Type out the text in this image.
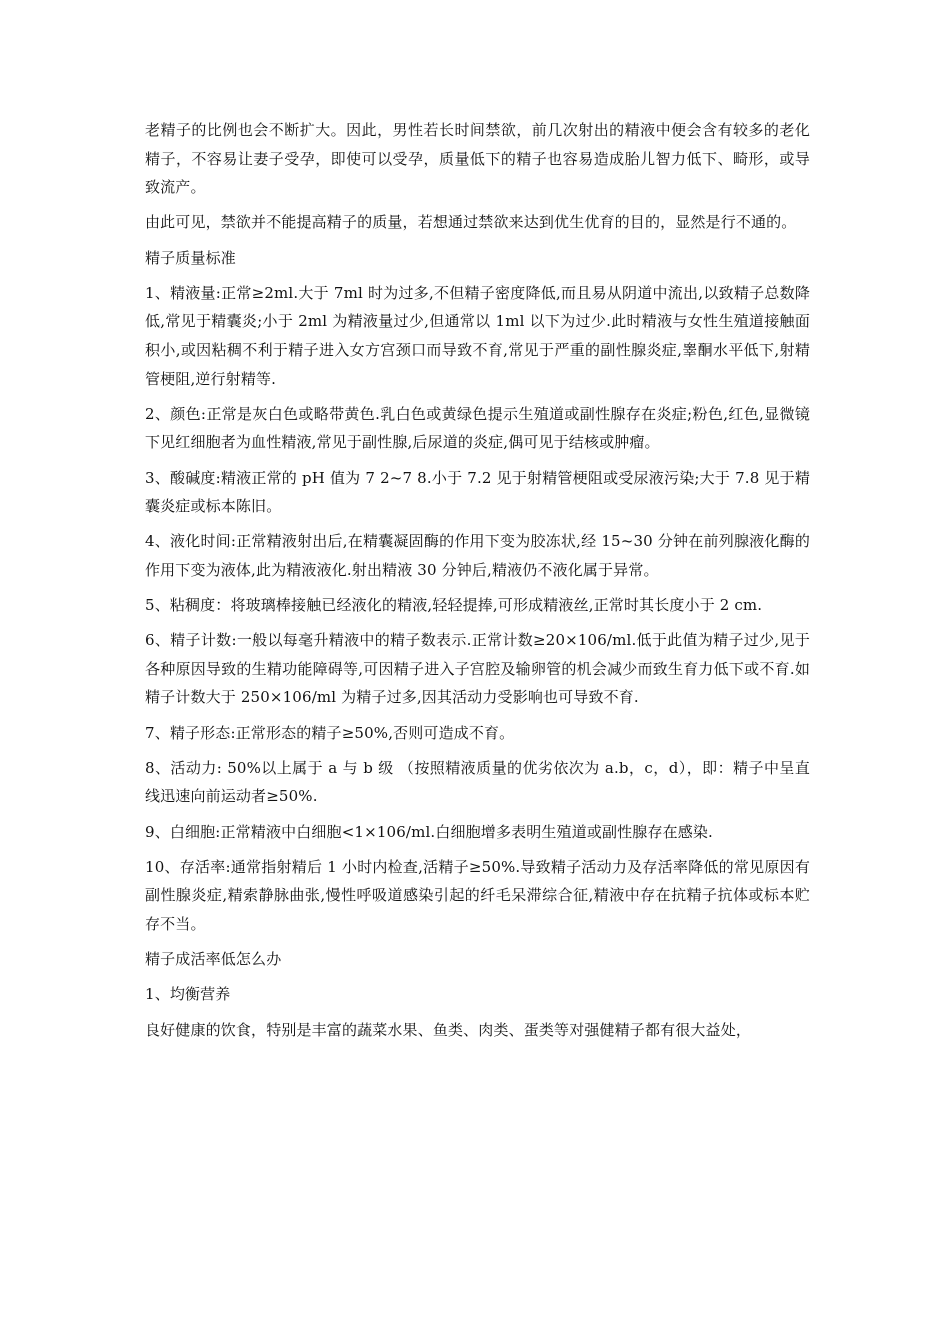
老精子的比例也会不断扩大。因此，男性若长时间禁欲，前几次射出的精液中便会含有较多的老化精子，不容易让妻子受孕，即使可以受孕，质量低下的精子也容易造成胎儿智力低下、畸形，或导致流产。

由此可见，禁欲并不能提高精子的质量，若想通过禁欲来达到优生优育的目的，显然是行不通的。

精子质量标准

1、精液量:正常≥2ml.大于 7ml 时为过多,不但精子密度降低,而且易从阴道中流出,以致精子总数降低,常见于精囊炎;小于 2ml 为精液量过少,但通常以 1ml 以下为过少.此时精液与女性生殖道接触面积小,或因粘稠不利于精子进入女方宫颈口而导致不育,常见于严重的副性腺炎症,睾酮水平低下,射精管梗阻,逆行射精等.

2、颜色:正常是灰白色或略带黄色.乳白色或黄绿色提示生殖道或副性腺存在炎症;粉色,红色,显微镜下见红细胞者为血性精液,常见于副性腺,后尿道的炎症,偶可见于结核或肿瘤。

3、酸碱度:精液正常的 pH 值为 7 2~7 8.小于 7.2 见于射精管梗阻或受尿液污染;大于 7.8 见于精囊炎症或标本陈旧。

4、液化时间:正常精液射出后,在精囊凝固酶的作用下变为胶冻状,经 15~30 分钟在前列腺液化酶的作用下变为液体,此为精液液化.射出精液 30 分钟后,精液仍不液化属于异常。

5、粘稠度：将玻璃棒接触已经液化的精液,轻轻提捧,可形成精液丝,正常时其长度小于 2 cm.

6、精子计数:一般以每毫升精液中的精子数表示.正常计数≥20×106/ml.低于此值为精子过少,见于各种原因导致的生精功能障碍等,可因精子进入子宫腔及输卵管的机会减少而致生育力低下或不育.如精子计数大于 250×106/ml 为精子过多,因其活动力受影响也可导致不育.

7、精子形态:正常形态的精子≥50%,否则可造成不育。

8、活动力: 50%以上属于 a 与 b 级 （按照精液质量的优劣依次为 a.b，c，d），即：精子中呈直线迅速向前运动者≥50%.

9、白细胞:正常精液中白细胞<1×106/ml.白细胞增多表明生殖道或副性腺存在感染.

10、存活率:通常指射精后 1 小时内检查,活精子≥50%.导致精子活动力及存活率降低的常见原因有副性腺炎症,精索静脉曲张,慢性呼吸道感染引起的纤毛呆滞综合征,精液中存在抗精子抗体或标本贮存不当。

精子成活率低怎么办

1、均衡营养

良好健康的饮食，特别是丰富的蔬菜水果、鱼类、肉类、蛋类等对强健精子都有很大益处，
